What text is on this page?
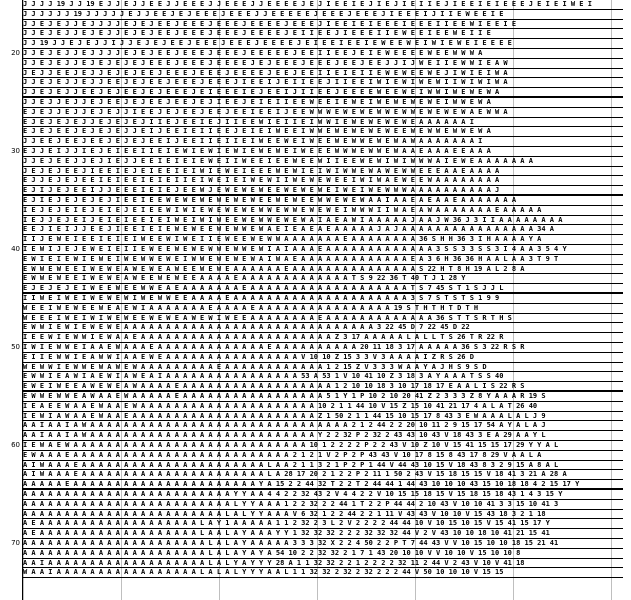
20
30
40
50
60
70
J J J J 19 J J 19 E J J E J J E E J J E E E J J E E E J J E E E E J E J I E E I E J I E J I E I I E J I E E I E I E E E J E I E I W E I
J J J J J J 19 J J J J J E J J E E J E J E E E J E E E J J E E E E E J E E E J E E E J I E E E I J I I E W E E I E
J J E J E J J E J J J J E J E J E E J E E E J E E E J E E E E J E E E J I E E I E I E E E I E E E I I E E W I E E I E
J J E J E J J E J E J J E J E J E E J E E E J E E E J E E E E J E I I E E J I E E E I I E W E E I E E W E I I E
J J 19 J J E J E J J I J J E J E J E E J E E E J E E E J E E E E J E I E E I E E I E W E E W E I W I E W E I E E E E
J J E J E J J E J J J J E J E J E E J E E E J E E E J E E E E E J E E I I E E J E I E W E E E E W E E W W W A
J J E J E J J E J E J E J E J E E E J E E E J E E E E J E J E E E J E E E J E E J E E J J I J W E I I E W W I E A W
J E J J E E J E J J E J E J E E J E E E J E E E J E E E E J E E J E E I I E I E I I E W E W E E W E J I W I E I W A
J J E J E J J E J J E E J E J E E J E E E J E E E J I E E I J E I I E E J I I E E I W I E W I W E W I I W I W I W A
J J E J E J J E E J E J E E J E J E E E J E I E E E I E J E E I J I I E E J E E E E W E E W E I W W I W E W E W A
J J E J J E J J E J E E J E J E E J E E J E J I E E J E I E I I E E W E E I E W E I W E W E W E W E I W W E W A
E J E J J E J J E J E J J I E E J E J E E J E E J E E I E E I J E E W W W E W E W E W W E W W E W E W E W A E W W A
E J E J E J E J J E J E J E J I I E J E E I E J I I E E W I E I I E I W W I E W E W E W E W E A A A A A A I
E J E J E E J E J E J E J J E I J E E I E I I E E J E I E I W E E I W W E W E W E W E W E E W E W W E W W E W A
J J E E J E E J E E J E J E J E E I J E E I I E I I E I W E E W E I W E E W E W W E W E W A W A A A A A A A I
E J J E I J J I E J E I E E I I E I E W I E W I E W I E W E W E I W E E E W W W E W W E W A A E A A A E E A A A
J J E J E E J J E J I E J J E E I E I E I E W E I I W E E I E E W E E W I I E E W E W I W I W W W A I E W E A A A A A A A
J E J E J E E J I E E I E J E I E E I E I W I E W E I E E E W E W I E I W I W W E W A W E W W E E E A A E A A A A
E J J E J E J E E I E I E E I E I E I I E I W E I E I W E W I I W E W E W E E I W I W A E W E E W A A A A A A A A
E J I J E J E E I J J E E E I E I E J E E W J E W E W E W E E W E W E W E I W E I W E W W W A A A A A A A A A A J
E J I E J E J E J E J I E E I E E W E W E W E W E W E W E E W E W E E W W E W E W A A I A A E A E A A E A A A A A A A
I E J E J E I E J E I E J E I E E W I W I E W E W E W E W W E W W E W E W E I W W W I I W A E A W A A A A A A A E A A A A A
I E J J E J E I J E I E I E E I E I W E I W I W E E W E W W E W E W A I A E A W I A A A A A J A A J W 36 J 3 I I A A A A A A A A
E E J I E I J J E E J I E E I E I E W E W E E W E W W E W A E I E A E A E A A A A A J A J A A A A A A A A A A A A A A A A 34 A
I I J E W E I E E I E I E I W E E W I W E I I E W E E W E W W A A A A A A A E A A A A A A A A 36 S H H 36 3 I H A A A A Y A
I E W I J E J E W E I E I I E W E E W E W E W W E W W E W I A I A A A E A A A A A A A A A A A A A 3 S S 3 3 S S 3 I 4 A A 3 5 4 Y
E W I E I E W I E W E I W E W W E W E I W W E W E W E W A I W A E A A A A A A A A A A A A A E A 3 6 H 36 36 H A A L A A 3 T 9 T
E W W E W E E I W E W E A W E W E A W E E W E W E A A A A A A E A A A A A A A A A A A A A A A S 22 H T 8 H 19 A L 2 8 A
E W W E W E E I W E W E A W E E W E W E E A A A A E A A A A A A A A A A A A A T S 9 22 36 T 40 T J 1 28 Y
E J E J E J E I W E E W E E W W E A E A A A A A A A E A A A A A A A A A A A A A A A A A A A T S 7 45 S T 1 S J J L
I I W E I W E I W E W E W I W E W W E E A A A A E A A A A A A A A A A A A A A A A A A A A A 3 S 7 S T S T S 1 9 9
W E E I W E W E E W E A E W I A A A A A A A E A A A A E A A A A A A A A A A A A A A A A 19 S T H T H T D T H
W E E E I W E I W I W E W E E W E W E A W E W I W E E A A A A A A A A E A A A A A A A A A A A A A 36 S T T S R T H S
E W W I E W I E W E W E A A A A A A A A A A A A A A A A A A A A A A A A A A A A A A 3 22 45 D 7 22 45 D 22
I E E W I E W W I E W A A E A A A A A A A A A A A A A A A A A A A A A A A Z 3 17 A A A A A L A L L T S 26 T R 22 R
I W I E W W E I A A E W A A A E A A A A A A A A A A A A A E A A A A A A A A A A 20 11 18 3 17 A A A A A 36 S 3 22 R S R
E I I E W W I E A W W I A A E W E A A A A A A A A A A A A A A A A V 10 10 Z 15 3 3 V 3 A A A A I Z R S 26 D
W E W W I E W W E W A W E W A A A A A A A A A E A A A A A A A A A A A A 1 2 15 Z V 3 3 3 W A A Y A J H S 9 S D
E W W I E A W I A E W I A W E A I A A A A A A A A A A A A A A A A 53 A 53 1 V 10 41 10 Z 3 18 3 A Y A A A T S S 40
E W E I W E E A W E W E A W A A A A E A A A A A A A A A A A A A A A A A A 1 2 10 10 18 3 10 17 18 17 E A A L I S 22 R S
E W W E W W E A W A A E W A A A A A E A A A A A A A A A A A A A A A A A 5 1 Y 1 P 10 2 10 20 41 Z 2 3 3 3 Z 8 Y A A A R 19 S
I E A E E W A A E W A A E W A A A A A A A A A A A A A A A A A A A A A 10 2 1 1 44 10 V 15 Z 15 10 41 21 17 4 A L A T 26 40
I E W I A W A A E W A A E A A A A A A A A A A A A A A A A A A A A A A Z 1 50 2 1 1 44 15 10 15 17 8 43 3 E W A A A L A L J 9
A A I A A I A W A A A A A A A A A A A A A A A A A A A A A A A A A A A A A A A 2 1 2 44 2 2 20 10 11 2 9 15 17 54 A Y A L A J
A A I A A I A W A A A A A A A A A A A A A A A A A A A A A A A A A A A Y 2 2 32 P 2 32 2 43 43 10 43 V 18 43 3 E A 29 A A Y L
I E W A E W A A A A A A A A A A A A A A A A A A A A A A A A A A A A 10 1 2 2 2 2 P 2 2 43 V 10 Z 10 V 15 41 15 15 17 29 Y Y A L
E W A A A E A A A A A A A A A A A A A A A A A A A A A A A A A A 2 1 2 1 V 2 P 2 P 43 43 V 10 17 8 15 8 43 17 8 29 V A A L A
A I W A A A E A A A A A A A A A A A A A A A A A A A A A A L A A 2 1 1 3 2 1 P 2 P 1 44 V 44 43 10 15 V 18 43 8 3 2 9 15 A 8 A L
A I W A A A E A A A A A A A A A A A A A A A A A A A A A A L A 28 17 20 2 1 2 2 P 2 11 1 50 2 43 V 15 18 15 15 V 18 41 3 21 A 28 A
A A A A A E A A A A A A A A A A A A A A A A A A A A A A Y A 15 2 2 44 32 T 2 2 T 2 44 44 1 44 43 10 10 10 43 15 10 18 18 4 2 15 17 Y
A A A A A A A A A A A A A A A A A A A A A A A A A Y Y A A 4 4 2 2 32 43 2 V 4 4 2 2 V 10 15 15 18 15 V 15 18 15 18 43 1 4 3 15 Y
A A A A A A A A A A A A A A A A A A A A A A A A A L Y Y A A A 1 2 2 32 2 2 44 1 T 2 2 P 44 44 2 10 43 V 10 10 41 3 3 15 10 41 3
A A A A A A A A A A A A A A A A A A A A A A A A L A L Y Y A A A V 6 32 1 2 2 44 2 2 1 11 V 43 43 V 10 10 V 15 43 18 3 2 1 18
A E A A A A A A A A A A A A A A A A A A A L A Y 1 A A A A A 1 1 2 32 2 3 L 2 V 2 2 2 2 44 44 10 V 10 15 10 15 V 15 41 15 17 Y
A E A A A A A A A A A A A A A A A A A A A L A A L A Y A A A Y Y 1 32 32 32 2 2 2 32 32 32 44 V 2 V 43 10 10 18 10 41 21 15 41
A A A A A A A A A A A A A A A A A A A A A A L A L A Y A A A A A 3 3 3 32 X 2 2 4 50 2 2 P T 7 44 43 V V 10 15 10 10 18 15 21 41
A A A A A A A A A A A A A A A A A A A A A A L A L A Y A Y A 54 10 2 2 32 32 2 1 7 1 43 20 10 10 V V 10 10 V 15 10 10 8
A A I A A A A A A A A A A A A A A A A A A A L A L Y A Y Y Y 28 A 1 1 32 32 2 2 1 2 2 2 2 32 11 2 44 V 2 43 V 10 V 41 18
W A A I A A A A A A A A A A A A A A A A A L A L A L Y Y Y A A L 1 1 32 32 2 32 2 32 2 2 2 44 V 50 10 10 10 V 15 15
